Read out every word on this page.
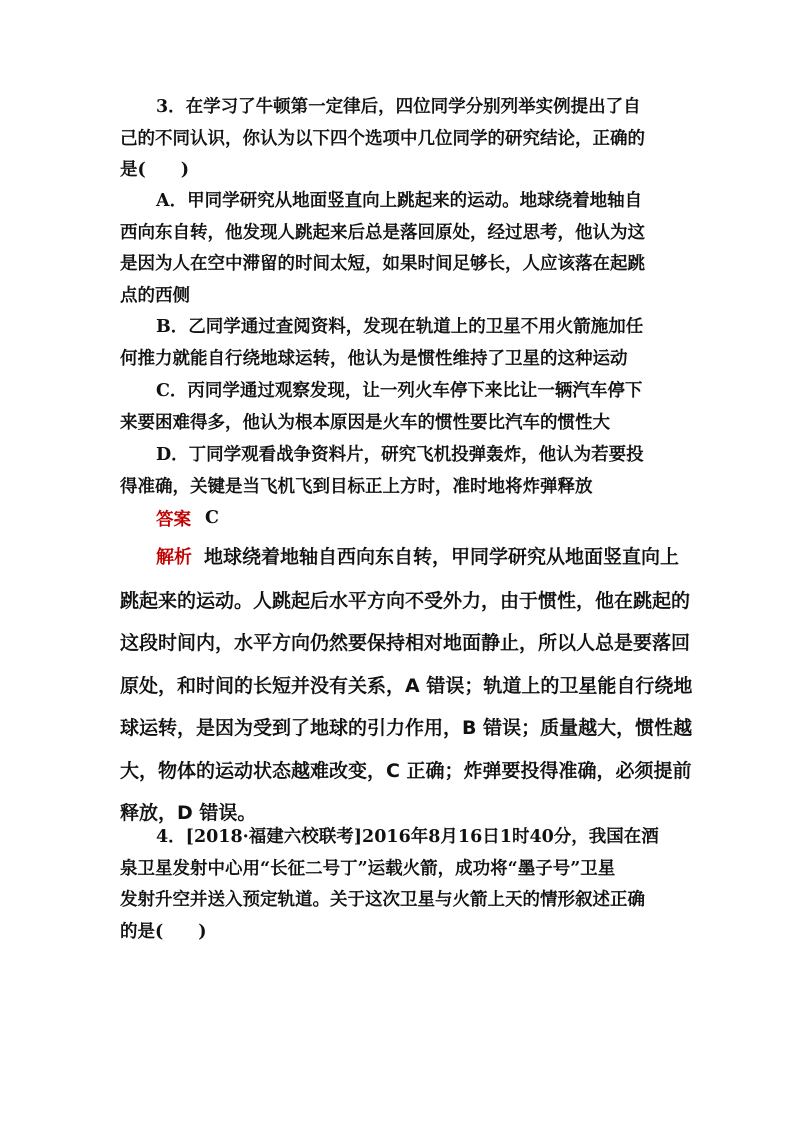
3．在学习了牛顿第一定律后，四位同学分别列举实例提出了自
己的不同认识，你认为以下四个选项中几位同学的研究结论，正确的
是(　　)
A．甲同学研究从地面竖直向上跳起来的运动。地球绕着地轴自
西向东自转，他发现人跳起来后总是落回原处，经过思考，他认为这
是因为人在空中滞留的时间太短，如果时间足够长，人应该落在起跳
点的西侧
B．乙同学通过查阅资料，发现在轨道上的卫星不用火箭施加任
何推力就能自行绕地球运转，他认为是惯性维持了卫星的这种运动
C．丙同学通过观察发现，让一列火车停下来比让一辆汽车停下
来要困难得多，他认为根本原因是火车的惯性要比汽车的惯性大
D．丁同学观看战争资料片，研究飞机投弹轰炸，他认为若要投
得准确，关键是当飞机飞到目标正上方时，准时地将炸弹释放
答案 C
解析 地球绕着地轴自西向东自转，甲同学研究从地面竖直向上
跳起来的运动。人跳起后水平方向不受外力，由于惯性，他在跳起的
这段时间内，水平方向仍然要保持相对地面静止，所以人总是要落回
原处，和时间的长短并没有关系，A 错误；轨道上的卫星能自行绕地
球运转，是因为受到了地球的引力作用，B 错误；质量越大，惯性越
大，物体的运动状态越难改变，C 正确；炸弹要投得准确，必须提前
释放，D 错误。
4．[2018·福建六校联考]2016年8月16日1时40分，我国在酒
泉卫星发射中心用“长征二号丁”运载火箭，成功将“墨子号”卫星
发射升空并送入预定轨道。关于这次卫星与火箭上天的情形叙述正确
的是(　　)
